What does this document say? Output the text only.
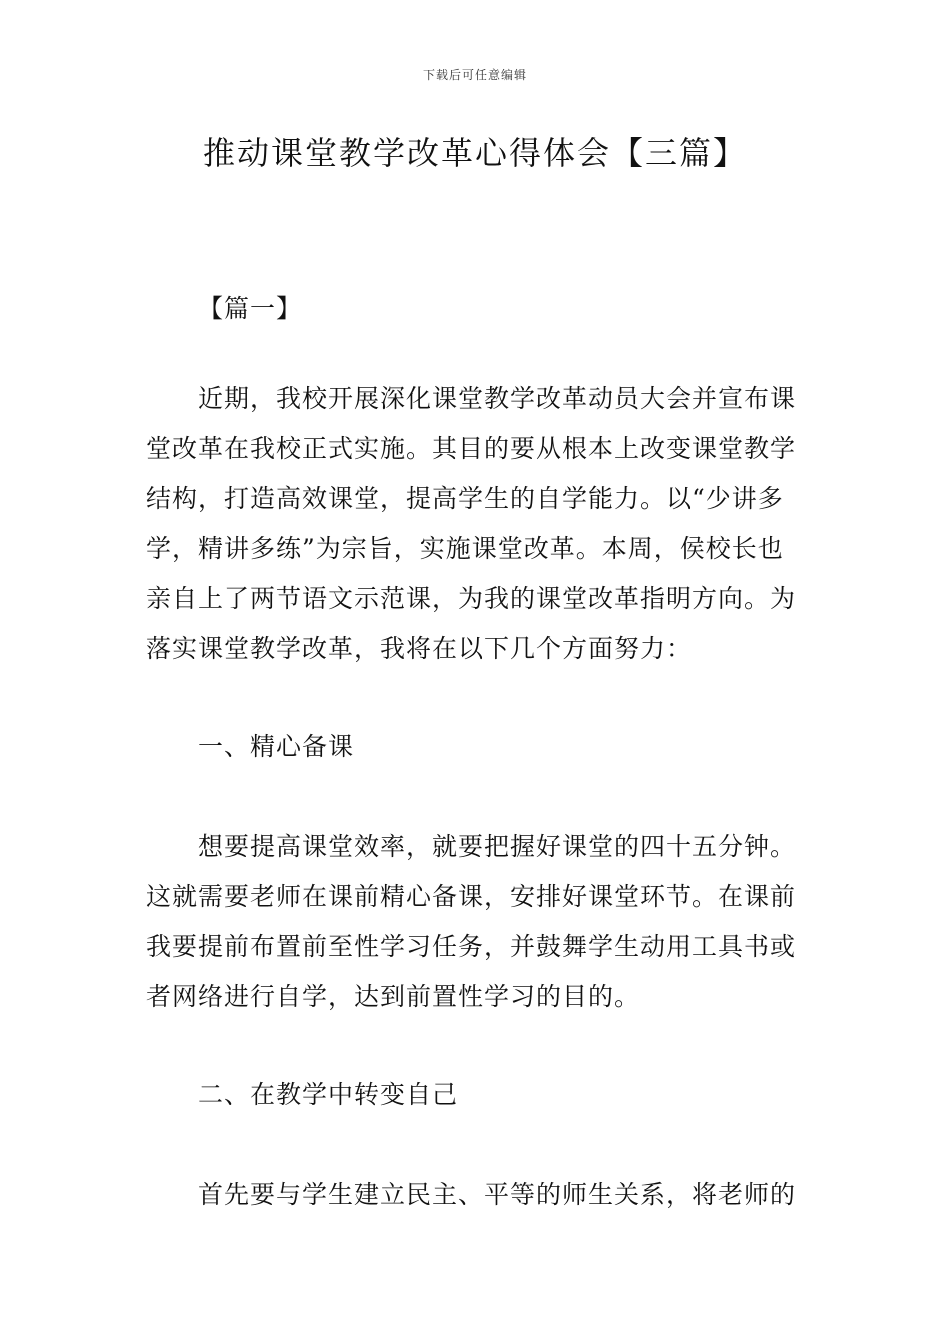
下载后可任意编辑
推动课堂教学改革心得体会【三篇】
【篇一】
近期，我校开展深化课堂教学改革动员大会并宣布课
堂改革在我校正式实施。其目的要从根本上改变课堂教学
结构，打造高效课堂，提高学生的自学能力。以“少讲多
学，精讲多练”为宗旨，实施课堂改革。本周，侯校长也
亲自上了两节语文示范课，为我的课堂改革指明方向。为
落实课堂教学改革，我将在以下几个方面努力：
一、精心备课
想要提高课堂效率，就要把握好课堂的四十五分钟。
这就需要老师在课前精心备课，安排好课堂环节。在课前
我要提前布置前至性学习任务，并鼓舞学生动用工具书或
者网络进行自学，达到前置性学习的目的。
二、在教学中转变自己
首先要与学生建立民主、平等的师生关系，将老师的
